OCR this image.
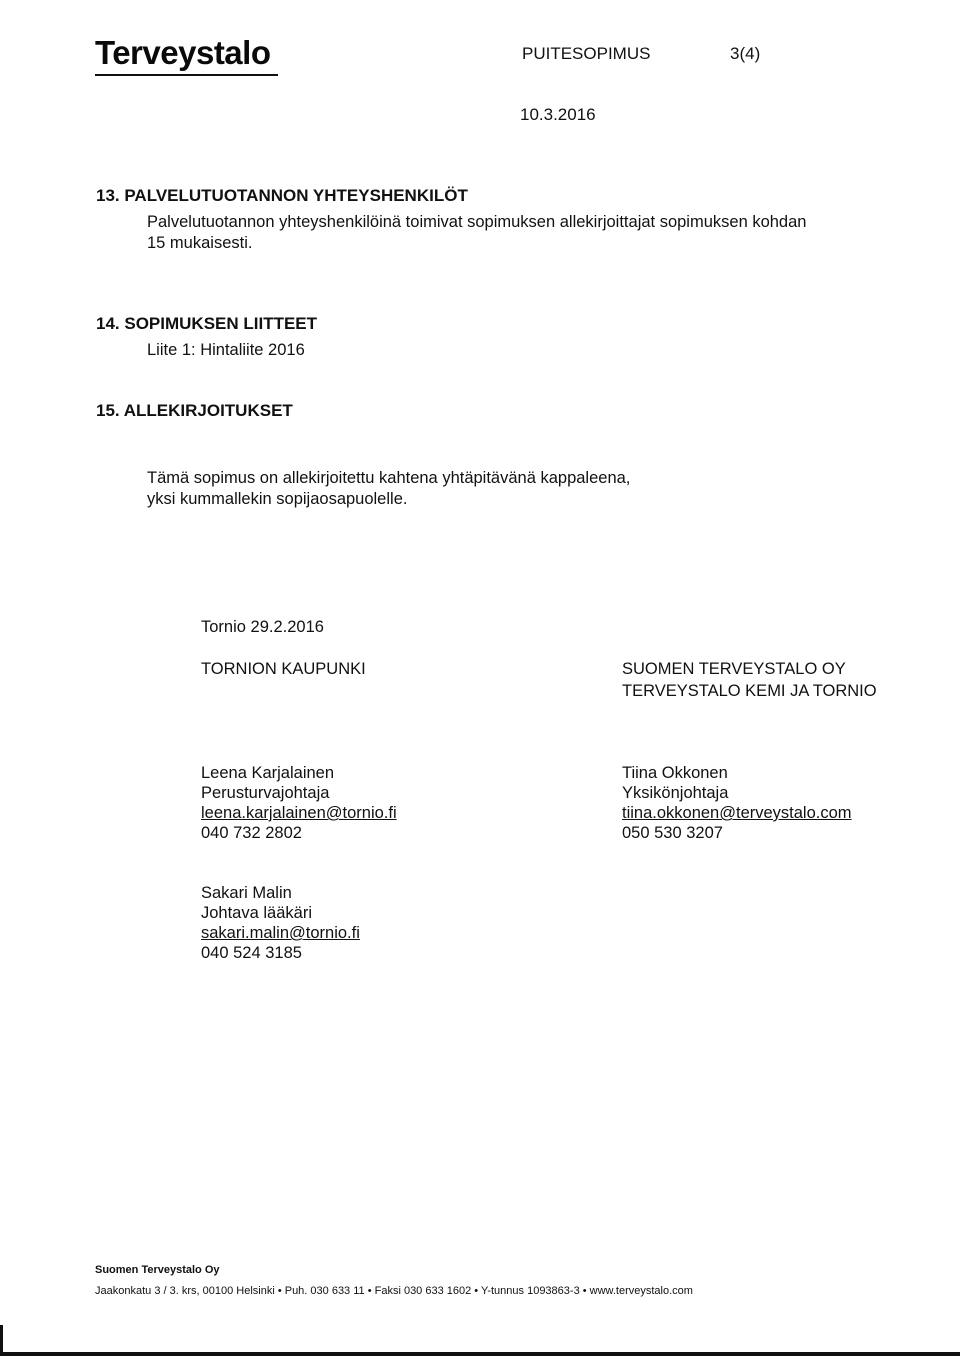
Terveystalo	PUITESOPIMUS	3(4)
10.3.2016
13. PALVELUTUOTANNON YHTEYSHENKILÖT
Palvelutuotannon yhteyshenkilöinä toimivat sopimuksen allekirjoittajat sopimuksen kohdan
15 mukaisesti.
14. SOPIMUKSEN LIITTEET
Liite 1: Hintaliite 2016
15. ALLEKIRJOITUKSET
Tämä sopimus on allekirjoitettu kahtena yhtäpitävänä kappaleena,
yksi kummallekin sopijaosapuolelle.
Tornio 29.2.2016
TORNION KAUPUNKI	SUOMEN TERVEYSTALO OY
TERVEYSTALO KEMI JA TORNIO
Leena Karjalainen
Perusturvajohtaja
leena.karjalainen@tornio.fi
040 732 2802
Tiina Okkonen
Yksikönjohtaja
tiina.okkonen@terveystalo.com
050 530 3207
Sakari Malin
Johtava lääkäri
sakari.malin@tornio.fi
040 524 3185
Suomen Terveystalo Oy
Jaakonkatu 3 / 3. krs, 00100 Helsinki • Puh. 030 633 11 • Faksi 030 633 1602 • Y-tunnus 1093863-3 • www.terveystalo.com
